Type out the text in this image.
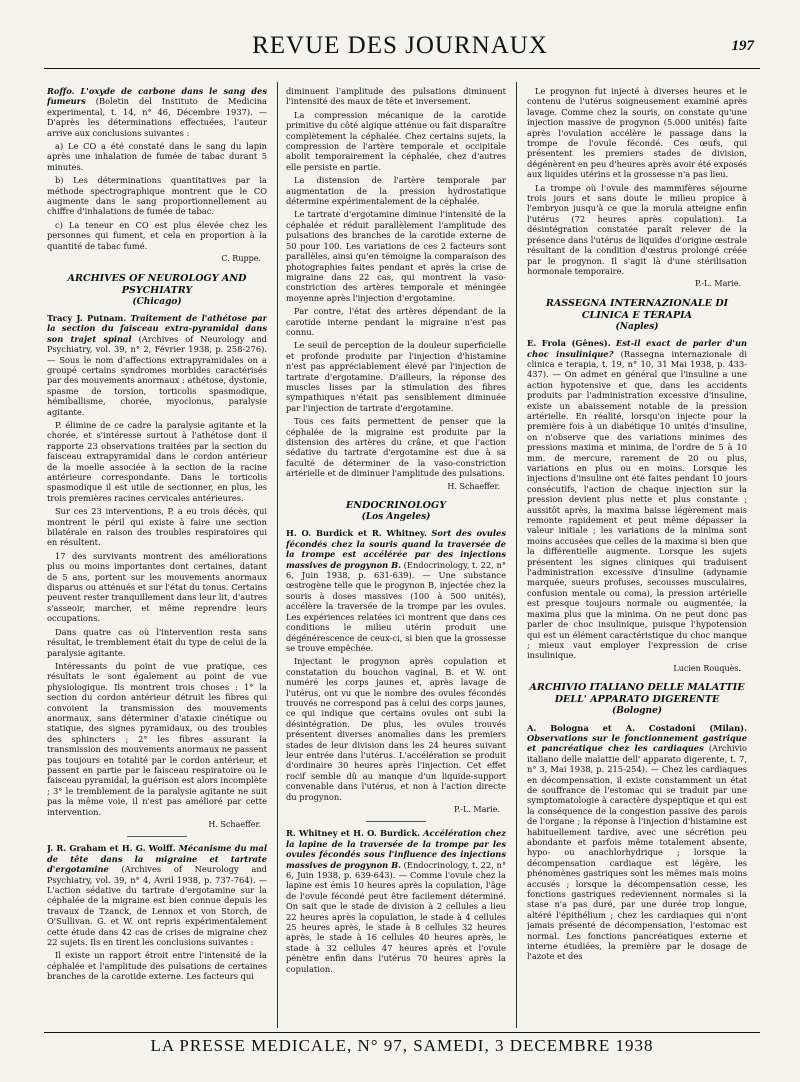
REVUE DES JOURNAUX	197

Roffo. L'oxyde de carbone dans le sang des fumeurs (Boletin del Instituto de Medicina experimental, t. 14, n° 46, Décembre 1937). — D'après les déterminations effectuées, l'auteur arrive aux conclusions suivantes :

a) Le CO a été constaté dans le sang du lapin après une inhalation de fumée de tabac durant 5 minutes.

b) Les déterminations quantitatives par la méthode spectrographique montrent que le CO augmente dans le sang proportionnellement au chiffre d'inhalations de fumée de tabac.

c) La teneur en CO est plus élevée chez les personnes qui fument, et cela en proportion à la quantité de tabac fumé.

C. Ruppe.
ARCHIVES OF NEUROLOGY AND PSYCHIATRY
(Chicago)

Tracy J. Putnam. Traitement de l'athétose par la section du faisceau extra-pyramidal dans son trajet spinal (Archives of Neurology and Psychiatry, vol. 39, n° 2, Février 1938, p. 258-276). — Sous le nom d'affections extrapyramidales on a groupé certains syndromes morbides caractérisés par des mouvements anormaux : athétose, dystonie, spasme de torsion, torticolis spasmodique, hémiballisme, chorée, myoclonus, paralysie agitante.

P. élimine de ce cadre la paralysie agitante et la chorée, et s'intéresse surtout à l'athétose dont il rapporte 23 observations traitées par la section du faisceau extrapyramidal dans le cordon antérieur de la moelle associée à la section de la racine antérieure correspondante. Dans le torticolis spasmodique il est utile de sectionner, en plus, les trois premières racines cervicales antérieures.

Sur ces 23 interventions, P. a eu trois décès, qui montrent le péril qui existe à faire une section bilatérale en raison des troubles respiratoires qui en résultent.

17 des survivants montrent des améliorations plus ou moins importantes dont certaines, datant de 5 ans, portent sur les mouvements anormaux disparus ou atténués et sur l'état du tonus. Certains peuvent rester tranquillement dans leur lit, d'autres s'asseoir, marcher, et même reprendre leurs occupations.

Dans quatre cas où l'intervention resta sans résultat, le tremblement était du type de celui de la paralysie agitante.

Intéressants du point de vue pratique, ces résultats le sont également au point de vue physiologique. Ils montrent trois choses : 1° la section du cordon antérieur détruit les fibres qui convoient la transmission des mouvements anormaux, sans déterminer d'ataxie cinétique ou statique, des signes pyramidaux, ou des troubles des sphincters ; 2° les fibres assurant la transmission des mouvements anormaux ne passent pas toujours en totalité par le cordon antérieur, et passent en partie par le faisceau respiratoire ou le faisceau pyramidal, la guérison est alors incomplète ; 3° le tremblement de la paralysie agitante ne suit pas la même voie, il n'est pas amélioré par cette intervention.

H. Schaeffer.

J. R. Graham et H. G. Wolff. Mécanisme du mal de tête dans la migraine et tartrate d'ergotamine (Archives of Neurology and Psychiatry, vol. 39, n° 4, Avril 1938, p. 737-764). — L'action sédative du tartrate d'ergotamine sur la céphalée de la migraine est bien connue depuis les travaux de Tzanck, de Lennox et von Storch, de O'Sullivan. G. et W. ont repris expérimentalement cette étude dans 42 cas de crises de migraine chez 22 sujets. Ils en tirent les conclusions suivantes :

Il existe un rapport étroit entre l'intensité de la céphalée et l'amplitude des pulsations de certaines branches de la carotide externe. Les facteurs qui

diminuent l'amplitude des pulsations diminuent l'intensité des maux de tête et inversement.

La compression mécanique de la carotide primitive du côté algique atténue ou fait disparaître complètement la céphalée. Chez certains sujets, la compression de l'artère temporale et occipitale abolit temporairement la céphalée, chez d'autres elle persiste en partie.

La distension de l'artère temporale par augmentation de la pression hydrostatique détermine expérimentalement de la céphalée.

Le tartrate d'ergotamine diminue l'intensité de la céphalée et réduit parallèlement l'amplitude des pulsations des branches de la carotide externe de 50 pour 100. Les variations de ces 2 facteurs sont parallèles, ainsi qu'en témoigne la comparaison des photographies faites pendant et après la crise de migraine dans 22 cas, qui montrent la vaso-constriction des artères temporale et méningée moyenne après l'injection d'ergotamine.

Par contre, l'état des artères dépendant de la carotide interne pendant la migraine n'est pas connu.

Le seuil de perception de la douleur superficielle et profonde produite par l'injection d'histamine n'est pas appréciablement élevé par l'injection de tartrate d'ergotamine. D'ailleurs, la réponse des muscles lisses par la stimulation des fibres sympathiques n'était pas sensiblement diminuée par l'injection de tartrate d'ergotamine.

Tous ces faits permettent de penser que la céphalée de la migraine est produite par la distension des artères du crâne, et que l'action sédative du tartrate d'ergotamine est due à sa faculté de déterminer de la vaso-constriction artérielle et de diminuer l'amplitude des pulsations.

H. Schaeffer.
ENDOCRINOLOGY
(Los Angeles)

H. O. Burdick et R. Whitney. Sort des ovules fécondés chez la souris quand la traversée de la trompe est accélérée par des injections massives de progynon B. (Endocrinology, t. 22, n° 6, Juin 1938, p. 631-639). — Une substance œstrogène telle que le progynon B, injectée chez la souris à doses massives (100 à 500 unités), accélère la traversée de la trompe par les ovules. Les expériences relatées ici montrent que dans ces conditions le milieu utérin produit une dégénérescence de ceux-ci, si bien que la grossesse se trouve empêchée.

Injectant le progynon après copulation et constatation du bouchon vaginal, B. et W. ont numéré les corps jaunes et, après lavage de l'utérus, ont vu que le nombre des ovules fécondés trouvés ne correspond pas à celui des corps jaunes, ce qui indique que certains ovules ont subi la désintégration. De plus, les ovules trouvés présentent diverses anomalies dans les premiers stades de leur division dans les 24 heures suivant leur entrée dans l'utérus. L'accélération se produit d'ordinaire 30 heures après l'injection. Cet effet rocif semble dû au manque d'un liquide-support convenable dans l'utérus, et non à l'action directe du progynon.

P.-L. Marie.

R. Whitney et H. O. Burdick. Accélération chez la lapine de la traversée de la trompe par les ovules fécondés sous l'influence des injections massives de progynon B. (Endocrinology, t. 22, n° 6, Juin 1938, p. 639-643). — Comme l'ovule chez la lapine est émis 10 heures après la copulation, l'âge de l'ovule fécondé peut être facilement déterminé. On sait que le stade de division à 2 cellules a lieu 22 heures après la copulation, le stade à 4 cellules 25 heures après, le stade à 8 cellules 32 heures après, le stade à 16 cellules 40 heures après, le stade à 32 cellules 47 heures après et l'ovule pénètre enfin dans l'utérus 70 heures après la copulation.

Le progynon fut injecté à diverses heures et le contenu de l'utérus soigneusement examiné après lavage. Comme chez la souris, on constate qu'une injection massive de progynon (5.000 unités) faite après l'ovulation accélère le passage dans la trompe de l'ovule fécondé. Ces œufs, qui présentent les premiers stades de division, dégénèrent en peu d'heures après avoir été exposés aux liquides utérins et la grossesse n'a pas lieu.

La trompe où l'ovule des mammifères séjourne trois jours et sans doute le milieu propice à l'embryon jusqu'à ce que la morula atteigne enfin l'utérus (72 heures après copulation). La désintégration constatée paraît relever de la présence dans l'utérus de liquides d'origine œstrale résultant de la condition d'œstrus prolongé créée par le progynon. Il s'agit là d'une stérilisation hormonale temporaire.

P.-L. Marie.
RASSEGNA INTERNAZIONALE DI CLINICA E TERAPIA
(Naples)

E. Frola (Gênes). Est-il exact de parler d'un choc insulinique? (Rassegna internazionale di clinica e terapia, t. 19, n° 10, 31 Mai 1938, p. 433-437). — On admet en général que l'insuline a une action hypotensive et que, dans les accidents produits par l'administration excessive d'insuline, existe un abaissement notable de la pression artérielle. En réalité, lorsqu'on injecte pour la première fois à un diabétique 10 unités d'insuline, on n'observe que des variations minimes des pressions maxima et minima, de l'ordre de 5 à 10 mm. de mercure, rarement de 20 ou plus, variations en plus ou en moins. Lorsque les injections d'insuline ont été faites pendant 10 jours consécutifs, l'action de chaque injection sur la pression devient plus nette et plus constante ; aussitôt après, la maxima baisse légèrement mais remonte rapidement et peut même dépasser la valeur initiale ; les variations de la minima sont moins accusées que celles de la maxima si bien que la différentielle augmente. Lorsque les sujets présentent les signes cliniques qui traduisent l'administration excessive d'insuline (adynamie marquée, sueurs profuses, secousses musculaires, confusion mentale ou coma), la pression artérielle est presque toujours normale ou augmentée, la maxima plus que la minima. On ne peut donc pas parler de choc insulinique, puisque l'hypotension qui est un élément caractéristique du choc manque ; mieux vaut employer l'expression de crise insulinique.

Lucien Rouquès.
ARCHIVIO ITALIANO DELLE MALATTIE DELL' APPARATO DIGERENTE
(Bologne)

A. Bologna et A. Costadoni (Milan). Observations sur le fonctionnement gastrique et pancréatique chez les cardiaques (Archivio italiano delle malattie dell' apparato digerente, t. 7, n° 3, Mai 1938, p. 215-254). — Chez les cardiaques en décompensation, il existe constamment un état de souffrance de l'estomac qui se traduit par une symptomatologie à caractère dyspeptique et qui est la conséquence de la congestion passive des parois de l'organe ; la réponse à l'injection d'histamine est habituellement tardive, avec une sécrétion peu abondante et parfois même totalement absente, hypo- ou anachlorhydrique ; lorsque la décompensation cardiaque est légère, les phénomènes gastriques sont les mêmes mais moins accusés ; lorsque la décompensation cesse, les fonctions gastriques redeviennent normales si la stase n'a pas duré, par une durée trop longue, altéré l'épithélium ; chez les cardiaques qui n'ont jamais présenté de décompensation, l'estomac est normal. Les fonctions pancréatiques externe et interne étudiées, la première par le dosage de l'azote et des

LA PRESSE MEDICALE, N° 97, SAMEDI, 3 DECEMBRE 1938
